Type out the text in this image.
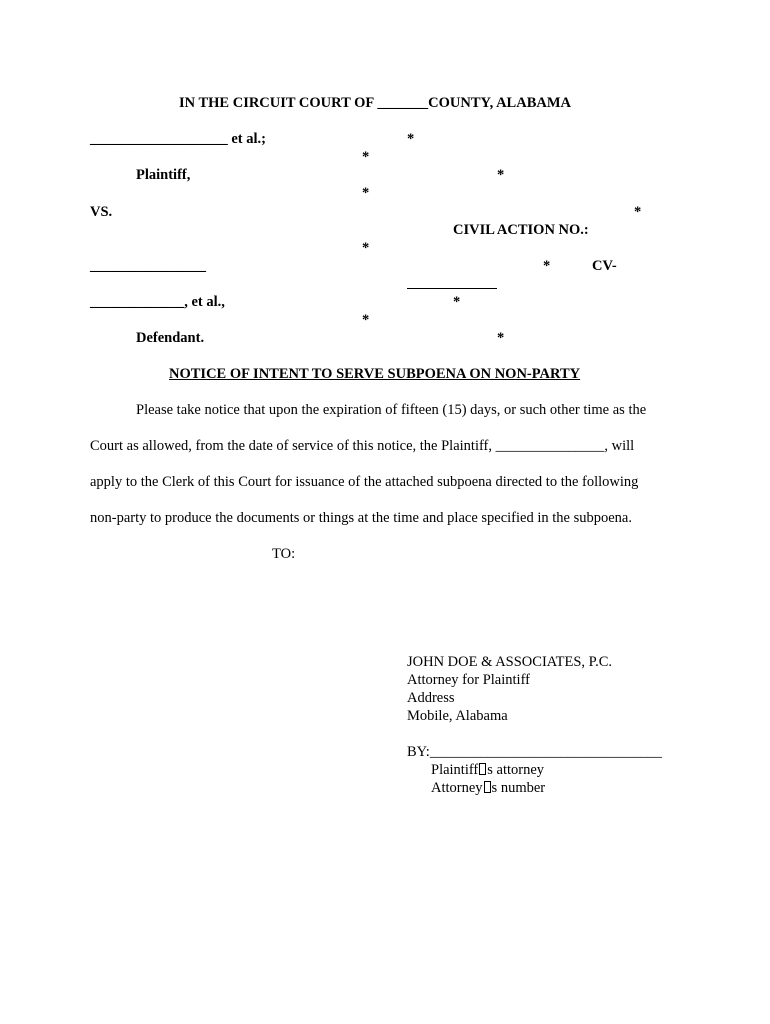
IN THE CIRCUIT COURT OF _______COUNTY, ALABAMA
___________________ et al.;
Plaintiff,
VS.
________________
_____________, et al.,
Defendant.
*
*
*
*
*
*
*
*
*
*
CIVIL ACTION NO.:
CV-
NOTICE OF INTENT TO SERVE SUBPOENA ON NON-PARTY
Please take notice that upon the expiration of fifteen (15) days, or such other time as the
Court as allowed, from the date of service of this notice, the Plaintiff, _______________, will
apply to the Clerk of this Court for issuance of the attached subpoena directed to the following
non-party to produce the documents or things at the time and place specified in the subpoena.
TO:
JOHN DOE & ASSOCIATES, P.C.
Attorney for Plaintiff
Address
Mobile, Alabama
BY:________________________________
Plaintiff s attorney
Attorney s number
